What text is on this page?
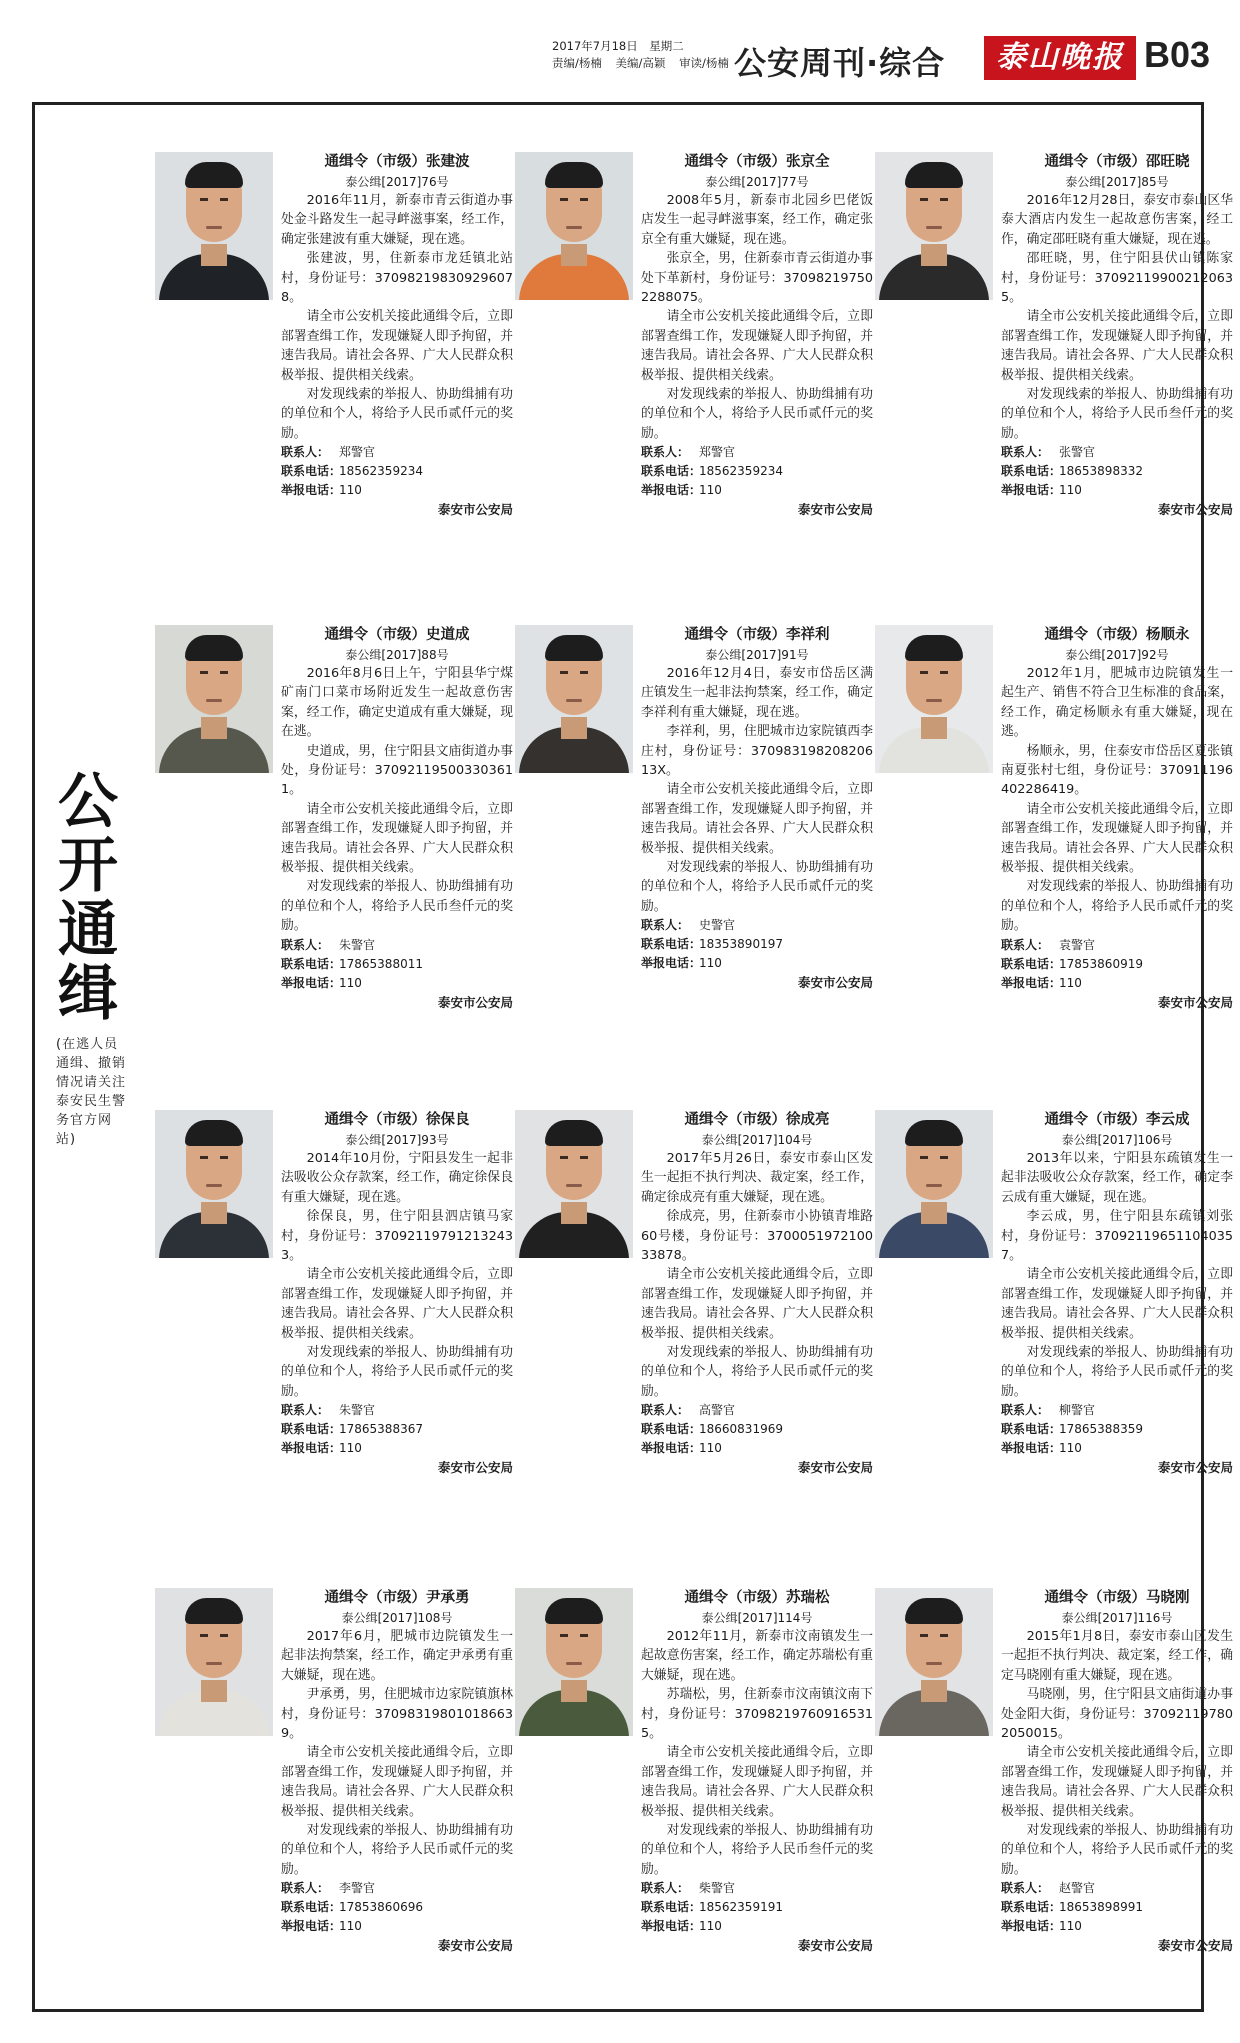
2017年7月18日　星期二
责编/杨楠 美编/高颖 审读/杨楠 公安周刊·综合	泰山晚报 B03
公
开
通
缉
(在逃人员通缉、撤销情况请关注泰安民生警务官方网站)
通缉令（市级）张建波
泰公缉[2017]76号

2016年11月，新泰市青云街道办事处金斗路发生一起寻衅滋事案，经工作，确定张建波有重大嫌疑，现在逃。

张建波，男，住新泰市龙廷镇北站村，身份证号：370982198309296078。

请全市公安机关接此通缉令后，立即部署查缉工作，发现嫌疑人即予拘留，并速告我局。请社会各界、广大人民群众积极举报、提供相关线索。

对发现线索的举报人、协助缉捕有功的单位和个人，将给予人民币贰仟元的奖励。

联系人： 郑警官

联系电话：18562359234

举报电话：110

泰安市公安局
通缉令（市级）张京全
泰公缉[2017]77号

2008年5月，新泰市北园乡巴佬饭店发生一起寻衅滋事案，经工作，确定张京全有重大嫌疑，现在逃。

张京全，男，住新泰市青云街道办事处下革新村，身份证号：370982197502288075。

请全市公安机关接此通缉令后，立即部署查缉工作，发现嫌疑人即予拘留，并速告我局。请社会各界、广大人民群众积极举报、提供相关线索。

对发现线索的举报人、协助缉捕有功的单位和个人，将给予人民币贰仟元的奖励。

联系人： 郑警官

联系电话：18562359234

举报电话：110

泰安市公安局
通缉令（市级）邵旺晓
泰公缉[2017]85号

2016年12月28日，泰安市泰山区华泰大酒店内发生一起故意伤害案，经工作，确定邵旺晓有重大嫌疑，现在逃。

邵旺晓，男，住宁阳县伏山镇陈家村，身份证号：370921199002120635。

请全市公安机关接此通缉令后，立即部署查缉工作，发现嫌疑人即予拘留，并速告我局。请社会各界、广大人民群众积极举报、提供相关线索。

对发现线索的举报人、协助缉捕有功的单位和个人，将给予人民币叁仟元的奖励。

联系人： 张警官

联系电话：18653898332

举报电话：110

泰安市公安局
通缉令（市级）史道成
泰公缉[2017]88号

2016年8月6日上午，宁阳县华宁煤矿南门口菜市场附近发生一起故意伤害案，经工作，确定史道成有重大嫌疑，现在逃。

史道成，男，住宁阳县文庙街道办事处，身份证号：370921195003303611。

请全市公安机关接此通缉令后，立即部署查缉工作，发现嫌疑人即予拘留，并速告我局。请社会各界、广大人民群众积极举报、提供相关线索。

对发现线索的举报人、协助缉捕有功的单位和个人，将给予人民币叁仟元的奖励。

联系人： 朱警官

联系电话：17865388011

举报电话：110

泰安市公安局
通缉令（市级）李祥利
泰公缉[2017]91号

2016年12月4日，泰安市岱岳区满庄镇发生一起非法拘禁案，经工作，确定李祥利有重大嫌疑，现在逃。

李祥利，男，住肥城市边家院镇西李庄村，身份证号：37098319820820613X。

请全市公安机关接此通缉令后，立即部署查缉工作，发现嫌疑人即予拘留，并速告我局。请社会各界、广大人民群众积极举报、提供相关线索。

对发现线索的举报人、协助缉捕有功的单位和个人，将给予人民币贰仟元的奖励。

联系人： 史警官

联系电话：18353890197

举报电话：110

泰安市公安局
通缉令（市级）杨顺永
泰公缉[2017]92号

2012年1月，肥城市边院镇发生一起生产、销售不符合卫生标准的食品案，经工作，确定杨顺永有重大嫌疑，现在逃。

杨顺永，男，住泰安市岱岳区夏张镇南夏张村七组，身份证号：370911196402286419。

请全市公安机关接此通缉令后，立即部署查缉工作，发现嫌疑人即予拘留，并速告我局。请社会各界、广大人民群众积极举报、提供相关线索。

对发现线索的举报人、协助缉捕有功的单位和个人，将给予人民币贰仟元的奖励。

联系人： 袁警官

联系电话：17853860919

举报电话：110

泰安市公安局
通缉令（市级）徐保良
泰公缉[2017]93号

2014年10月份，宁阳县发生一起非法吸收公众存款案，经工作，确定徐保良有重大嫌疑，现在逃。

徐保良，男，住宁阳县泗店镇马家村，身份证号：370921197912132433。

请全市公安机关接此通缉令后，立即部署查缉工作，发现嫌疑人即予拘留，并速告我局。请社会各界、广大人民群众积极举报、提供相关线索。

对发现线索的举报人、协助缉捕有功的单位和个人，将给予人民币贰仟元的奖励。

联系人： 朱警官

联系电话：17865388367

举报电话：110

泰安市公安局
通缉令（市级）徐成亮
泰公缉[2017]104号

2017年5月26日，泰安市泰山区发生一起拒不执行判决、裁定案，经工作，确定徐成亮有重大嫌疑，现在逃。

徐成亮，男，住新泰市小协镇青堆路60号楼，身份证号：370005197210033878。

请全市公安机关接此通缉令后，立即部署查缉工作，发现嫌疑人即予拘留，并速告我局。请社会各界、广大人民群众积极举报、提供相关线索。

对发现线索的举报人、协助缉捕有功的单位和个人，将给予人民币贰仟元的奖励。

联系人： 高警官

联系电话：18660831969

举报电话：110

泰安市公安局
通缉令（市级）李云成
泰公缉[2017]106号

2013年以来，宁阳县东疏镇发生一起非法吸收公众存款案，经工作，确定李云成有重大嫌疑，现在逃。

李云成，男，住宁阳县东疏镇刘张村，身份证号：370921196511040357。

请全市公安机关接此通缉令后，立即部署查缉工作，发现嫌疑人即予拘留，并速告我局。请社会各界、广大人民群众积极举报、提供相关线索。

对发现线索的举报人、协助缉捕有功的单位和个人，将给予人民币贰仟元的奖励。

联系人： 柳警官

联系电话：17865388359

举报电话：110

泰安市公安局
通缉令（市级）尹承勇
泰公缉[2017]108号

2017年6月，肥城市边院镇发生一起非法拘禁案，经工作，确定尹承勇有重大嫌疑，现在逃。

尹承勇，男，住肥城市边家院镇旗林村，身份证号：370983198010186639。

请全市公安机关接此通缉令后，立即部署查缉工作，发现嫌疑人即予拘留，并速告我局。请社会各界、广大人民群众积极举报、提供相关线索。

对发现线索的举报人、协助缉捕有功的单位和个人，将给予人民币贰仟元的奖励。

联系人： 李警官

联系电话：17853860696

举报电话：110

泰安市公安局
通缉令（市级）苏瑞松
泰公缉[2017]114号

2012年11月，新泰市汶南镇发生一起故意伤害案，经工作，确定苏瑞松有重大嫌疑，现在逃。

苏瑞松，男，住新泰市汶南镇汶南下村，身份证号：370982197609165315。

请全市公安机关接此通缉令后，立即部署查缉工作，发现嫌疑人即予拘留，并速告我局。请社会各界、广大人民群众积极举报、提供相关线索。

对发现线索的举报人、协助缉捕有功的单位和个人，将给予人民币叁仟元的奖励。

联系人： 柴警官

联系电话：18562359191

举报电话：110

泰安市公安局
通缉令（市级）马晓刚
泰公缉[2017]116号

2015年1月8日，泰安市泰山区发生一起拒不执行判决、裁定案，经工作，确定马晓刚有重大嫌疑，现在逃。

马晓刚，男，住宁阳县文庙街道办事处金阳大街，身份证号：370921197802050015。

请全市公安机关接此通缉令后，立即部署查缉工作，发现嫌疑人即予拘留，并速告我局。请社会各界、广大人民群众积极举报、提供相关线索。

对发现线索的举报人、协助缉捕有功的单位和个人，将给予人民币贰仟元的奖励。

联系人： 赵警官

联系电话：18653898991

举报电话：110

泰安市公安局
